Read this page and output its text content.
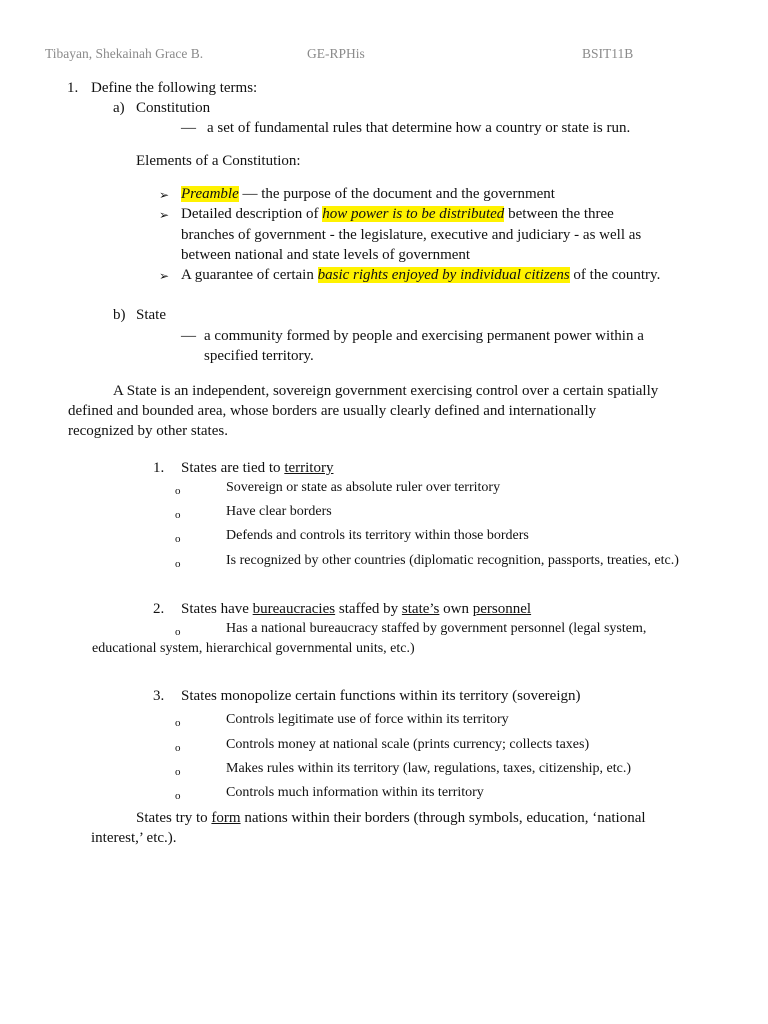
Tibayan, Shekainah Grace B.	GE-RPHis	BSIT11B
1. Define the following terms:
a) Constitution
— a set of fundamental rules that determine how a country or state is run.
Elements of a Constitution:
➢ Preamble — the purpose of the document and the government
➢ Detailed description of how power is to be distributed between the three
branches of government - the legislature, executive and judiciary - as well as
between national and state levels of government
➢ A guarantee of certain basic rights enjoyed by individual citizens of the country.
b) State
— a community formed by people and exercising permanent power within a
specified territory.
A State is an independent, sovereign government exercising control over a certain spatially
defined and bounded area, whose borders are usually clearly defined and internationally
recognized by other states.
1. States are tied to territory
o	Sovereign or state as absolute ruler over territory
o	Have clear borders
o	Defends and controls its territory within those borders
o	Is recognized by other countries (diplomatic recognition, passports, treaties, etc.)
2. States have bureaucracies staffed by state’s own personnel
o	Has a national bureaucracy staffed by government personnel (legal system,
educational system, hierarchical governmental units, etc.)
3. States monopolize certain functions within its territory (sovereign)
o	Controls legitimate use of force within its territory
o	Controls money at national scale (prints currency; collects taxes)
o	Makes rules within its territory (law, regulations, taxes, citizenship, etc.)
o	Controls much information within its territory
States try to form nations within their borders (through symbols, education, ‘national
interest,’ etc.).
